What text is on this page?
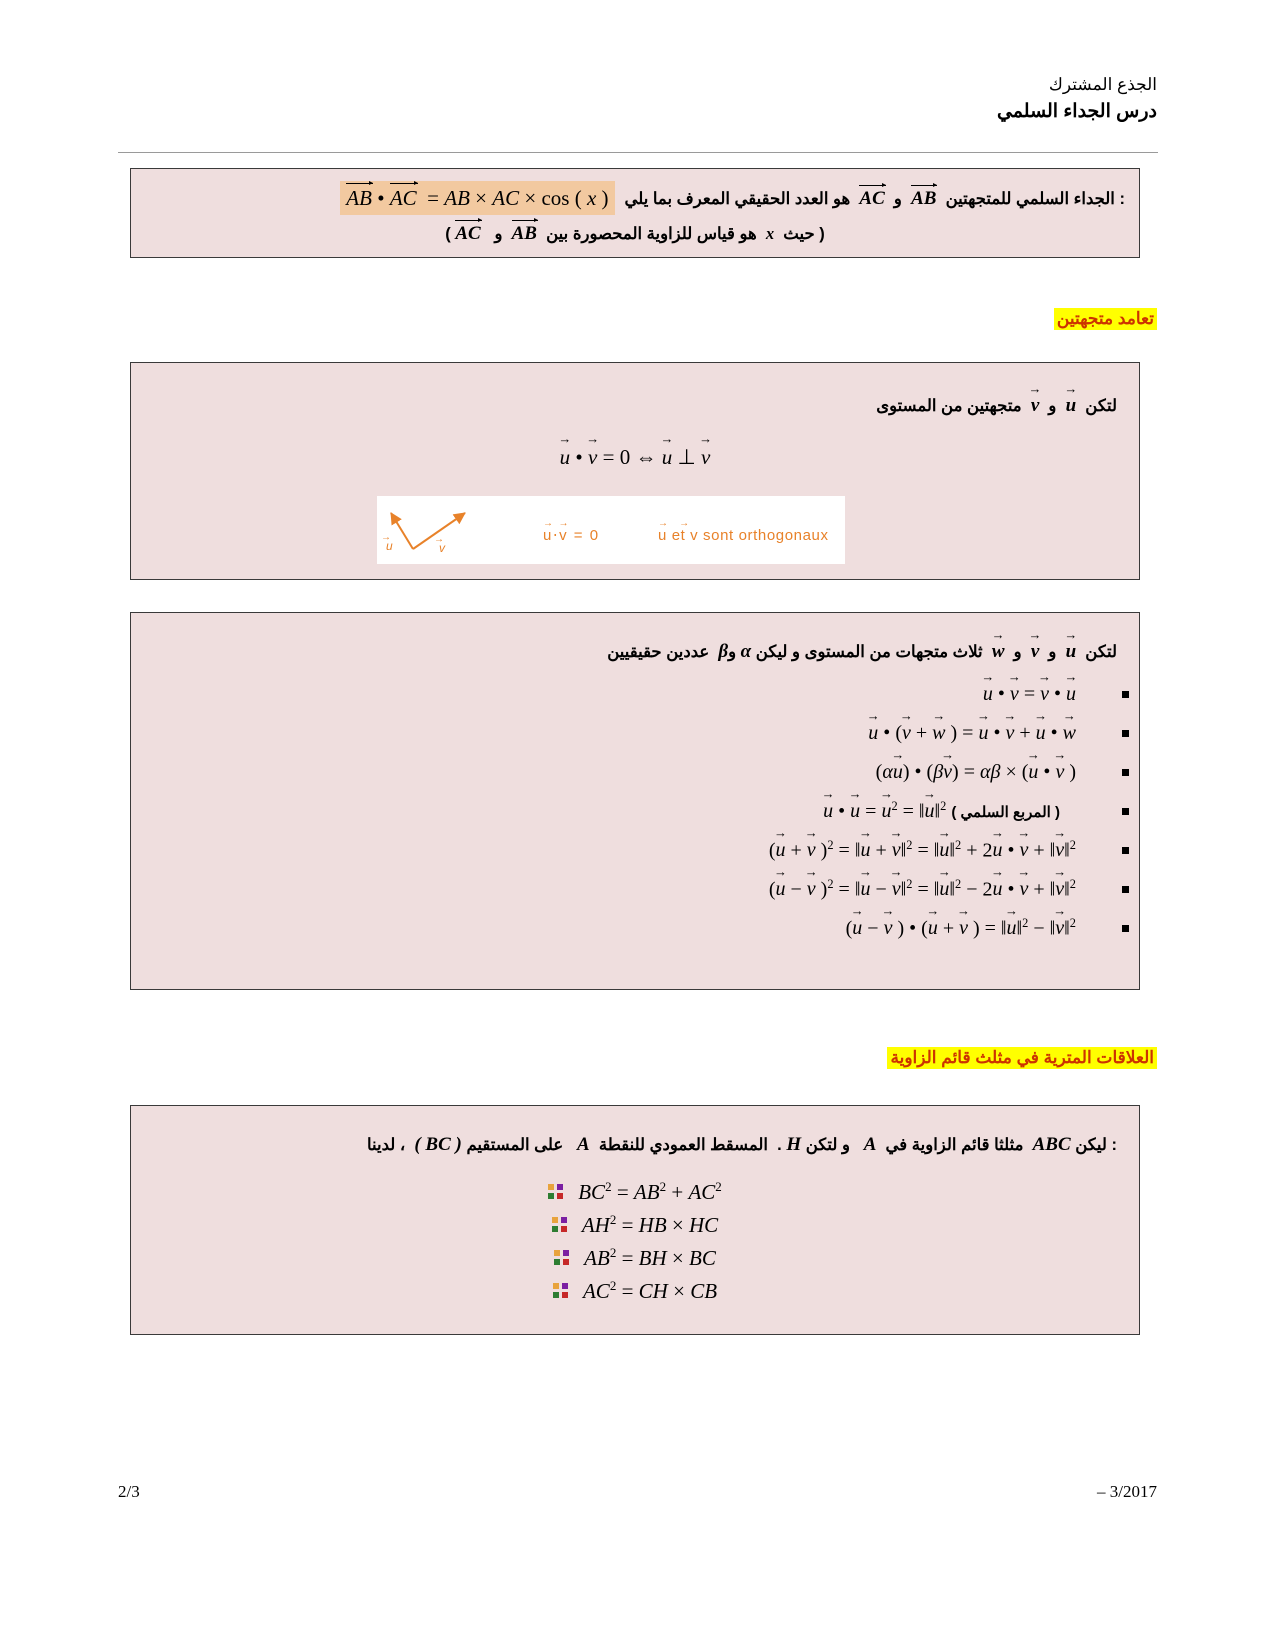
الجذع المشترك
درس الجداء السلمي
الجداء السلمي للمتجهتين  AB  و  AC  هو العدد الحقيقي المعرف بما يلي :
AB • AC  = AB × AC × cos ( x )
( حيث  x  هو قياس للزاوية المحصورة بين  AB  و   AC )
تعامد متجهتين
لتكن  u →  و  v →  متجهتين من المستوى
u → • v → = 0 ⇔ u → ⊥ v →
u	v
→	→	u⋅v = 0
→  →
u et v sont orthogonaux
→    →
لتكن  u →  و  v →  و  w →  ثلاث متجهات من المستوى و ليكن α وβ  عددين حقيقيين
u → • v → = v → • u →
u → • (v → + w → ) = u → • v → + u → • w →
(αu →) • (βv →) = αβ × (u → • v → )
u → • u → = u →$^2$ = ‖u →‖$^2$ ( المربع السلمي )
(u → + v → )$^2$ = ‖u → + v →‖$^2$ = ‖u →‖$^2$ + 2u → • v → + ‖v →‖$^2$
(u → − v → )$^2$ = ‖u → − v →‖$^2$ = ‖u →‖$^2$ − 2u → • v → + ‖v →‖$^2$
(u → − v → ) • (u → + v → ) = ‖u →‖$^2$ − ‖v →‖$^2$
العلاقات المترية في مثلث قائم الزاوية
ليكن ABC  مثلثا قائم الزاوية في  A   و لتكن H .  المسقط العمودي للنقطة  A   على المستقيم ( BC )  ، لدينا :
$BC^2 = AB^2 + AC^2$
$AH^2$ = HB × HC
$AB^2$ = BH × BC
$AC^2$ = CH × CB
2/3	– 3/2017
